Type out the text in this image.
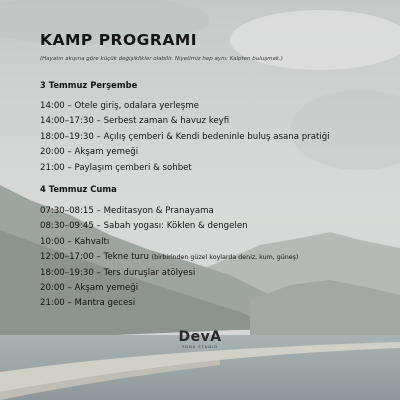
KAMP PROGRAMI
(Hayatın akışına göre küçük değişiklikler olabilir. Niyetimiz hep aynı: Kalpten buluşmak.)
3 Temmuz Perşembe
14:00 – Otele giriş, odalara yerleşme
14:00–17:30 – Serbest zaman & havuz keyfi
18:00–19:30 – Açılış çemberi & Kendi bedeninle buluş asana pratiği
20:00 – Akşam yemeği
21:00 – Paylaşım çemberi & sohbet
4 Temmuz Cuma
07:30–08:15 – Meditasyon & Pranayama
08:30–09:45 – Sabah yogası: Köklen & dengelen
10:00 – Kahvaltı
12:00–17:00 – Tekne turu (birbirinden güzel koylarda deniz, kum, güneş)
18:00–19:30 – Ters duruşlar atölyesi
20:00 – Akşam yemeği
21:00 – Mantra gecesi
DevA
YOGA STUDIO
